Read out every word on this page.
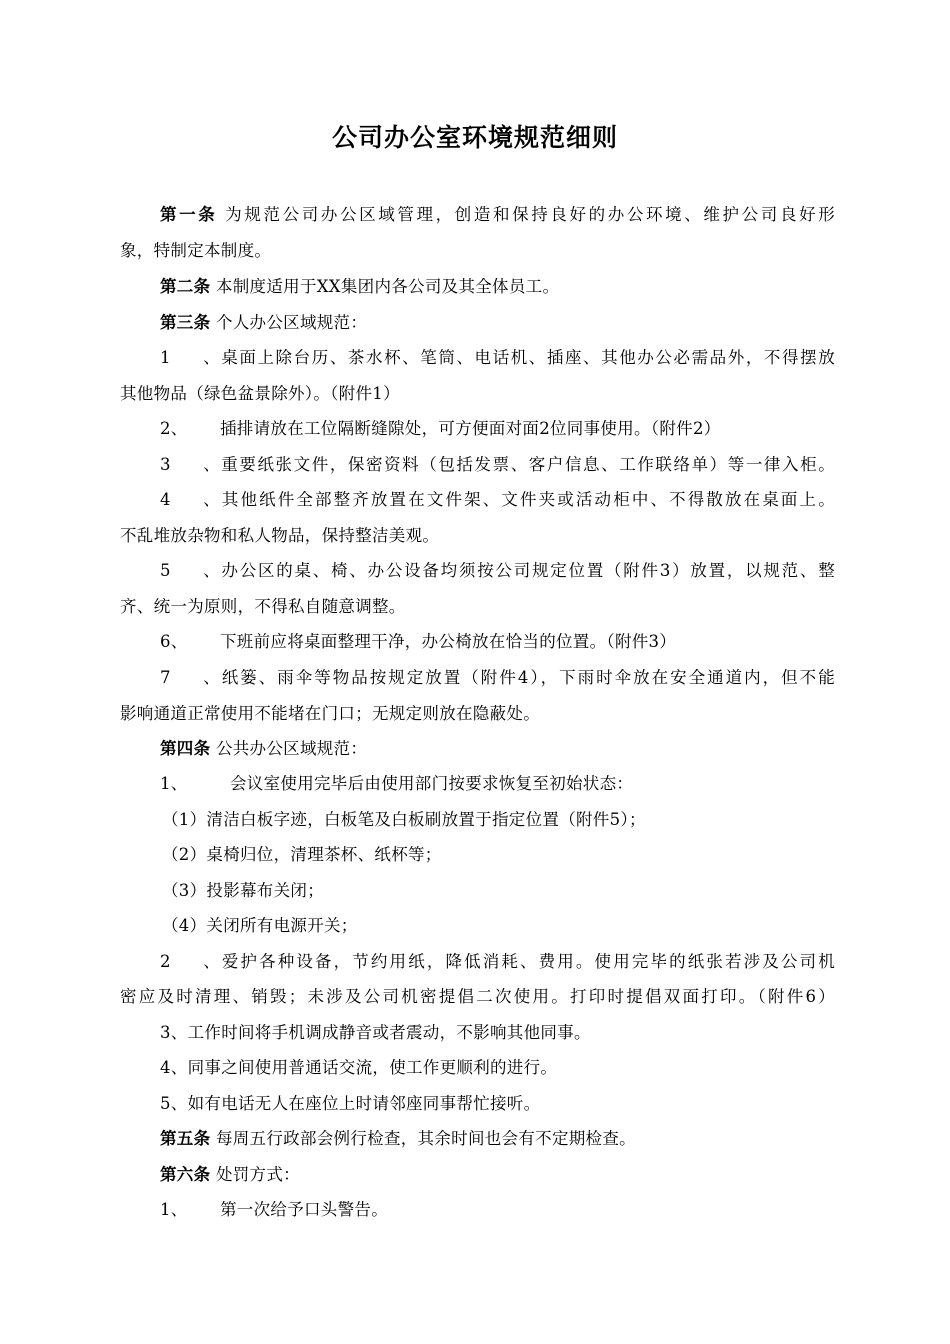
公司办公室环境规范细则
第一条 为规范公司办公区域管理，创造和保持良好的办公环境、维护公司良好形
象，特制定本制度。
第二条 本制度适用于XX集团内各公司及其全体员工。
第三条 个人办公区域规范：
1、桌面上除台历、茶水杯、笔筒、电话机、插座、其他办公必需品外，不得摆放
其他物品（绿色盆景除外）。（附件1）
2、 插排请放在工位隔断缝隙处，可方便面对面2位同事使用。（附件2）
3、重要纸张文件，保密资料（包括发票、客户信息、工作联络单）等一律入柜。
4、其他纸件全部整齐放置在文件架、文件夹或活动柜中、不得散放在桌面上。
不乱堆放杂物和私人物品，保持整洁美观。
5、办公区的桌、椅、办公设备均须按公司规定位置（附件3）放置，以规范、整
齐、统一为原则，不得私自随意调整。
6、 下班前应将桌面整理干净，办公椅放在恰当的位置。（附件3）
7、纸篓、雨伞等物品按规定放置（附件4），下雨时伞放在安全通道内，但不能
影响通道正常使用不能堵在门口；无规定则放在隐蔽处。
第四条 公共办公区域规范：
1、	会议室使用完毕后由使用部门按要求恢复至初始状态：
（1）清洁白板字迹，白板笔及白板刷放置于指定位置（附件5）；
（2）桌椅归位，清理茶杯、纸杯等；
（3）投影幕布关闭；
（4）关闭所有电源开关；
2、爱护各种设备，节约用纸，降低消耗、费用。使用完毕的纸张若涉及公司机
密应及时清理、销毁；未涉及公司机密提倡二次使用。打印时提倡双面打印。（附件6）
3、工作时间将手机调成静音或者震动，不影响其他同事。
4、同事之间使用普通话交流，使工作更顺利的进行。
5、如有电话无人在座位上时请邻座同事帮忙接听。
第五条 每周五行政部会例行检查，其余时间也会有不定期检查。
第六条 处罚方式：
1、 第一次给予口头警告。
